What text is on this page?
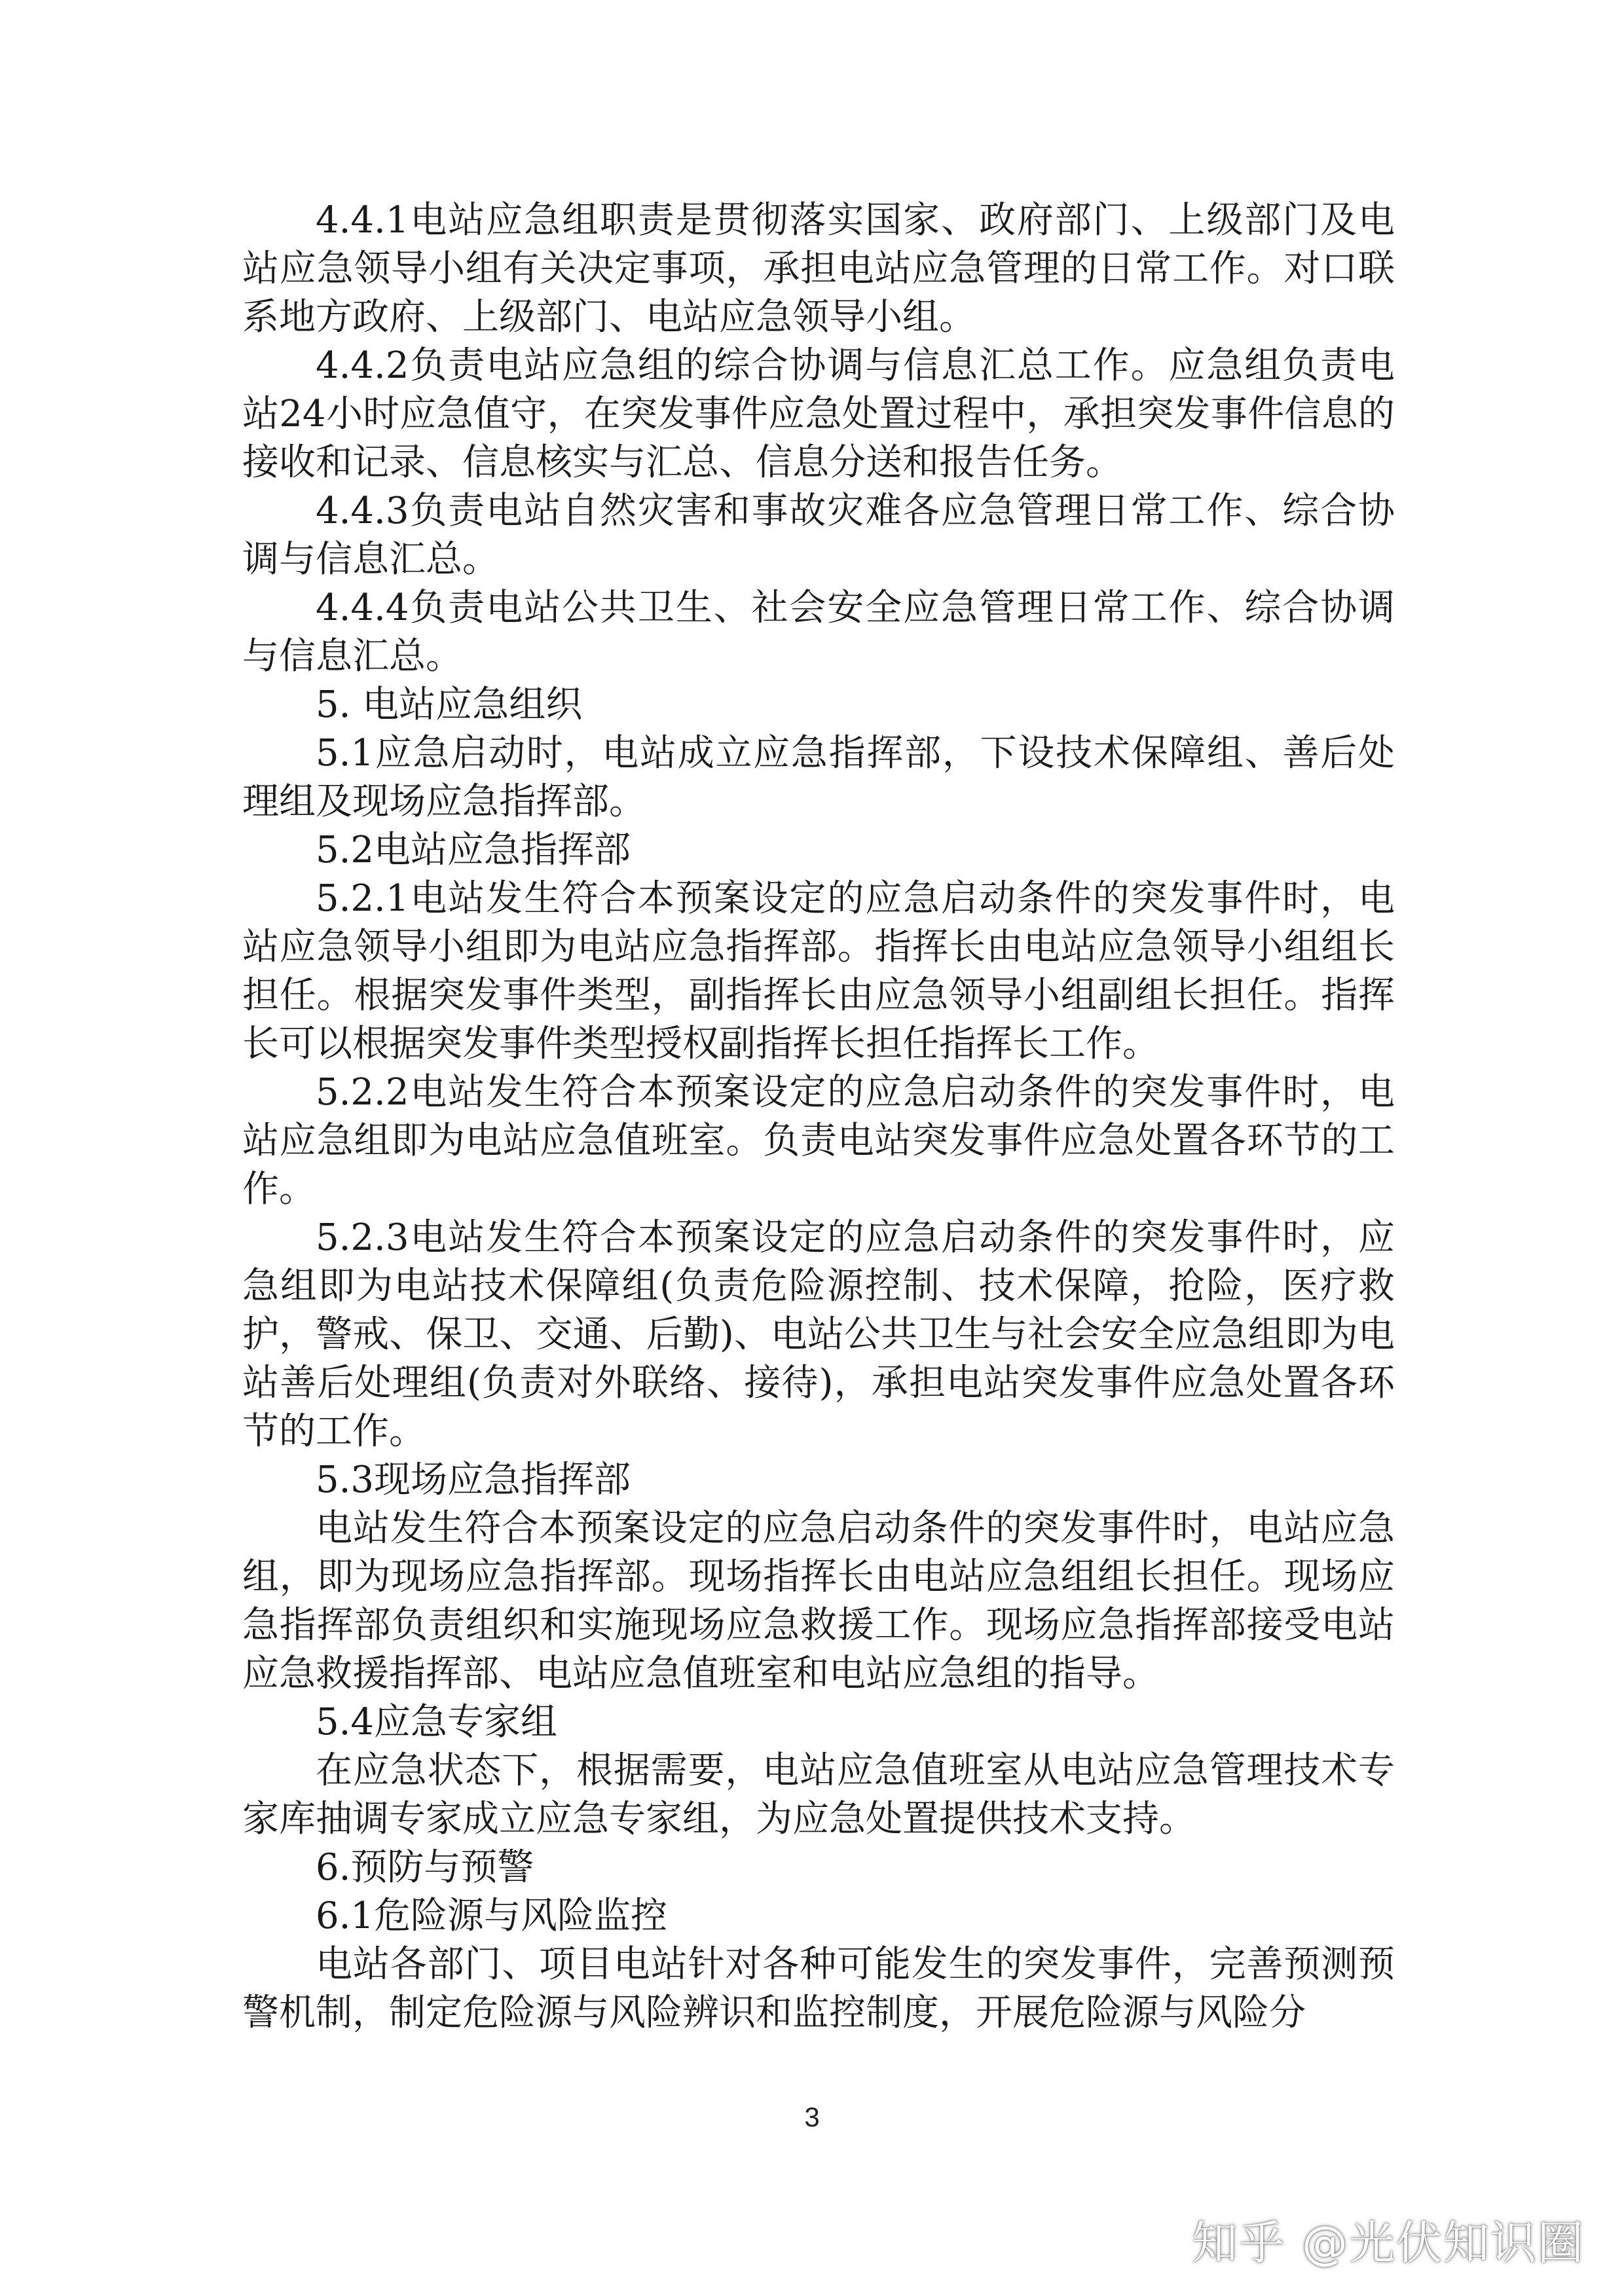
4.4.1电站应急组职责是贯彻落实国家、政府部门、上级部门及电站应急领导小组有关决定事项，承担电站应急管理的日常工作。对口联系地方政府、上级部门、电站应急领导小组。

4.4.2负责电站应急组的综合协调与信息汇总工作。应急组负责电站24小时应急值守，在突发事件应急处置过程中，承担突发事件信息的接收和记录、信息核实与汇总、信息分送和报告任务。

4.4.3负责电站自然灾害和事故灾难各应急管理日常工作、综合协调与信息汇总。

4.4.4负责电站公共卫生、社会安全应急管理日常工作、综合协调与信息汇总。

5. 电站应急组织

5.1应急启动时，电站成立应急指挥部，下设技术保障组、善后处理组及现场应急指挥部。

5.2电站应急指挥部

5.2.1电站发生符合本预案设定的应急启动条件的突发事件时，电站应急领导小组即为电站应急指挥部。指挥长由电站应急领导小组组长担任。根据突发事件类型，副指挥长由应急领导小组副组长担任。指挥长可以根据突发事件类型授权副指挥长担任指挥长工作。

5.2.2电站发生符合本预案设定的应急启动条件的突发事件时，电站应急组即为电站应急值班室。负责电站突发事件应急处置各环节的工作。

5.2.3电站发生符合本预案设定的应急启动条件的突发事件时，应急组即为电站技术保障组(负责危险源控制、技术保障，抢险，医疗救护，警戒、保卫、交通、后勤)、电站公共卫生与社会安全应急组即为电站善后处理组(负责对外联络、接待)，承担电站突发事件应急处置各环节的工作。

5.3现场应急指挥部

电站发生符合本预案设定的应急启动条件的突发事件时，电站应急组，即为现场应急指挥部。现场指挥长由电站应急组组长担任。现场应急指挥部负责组织和实施现场应急救援工作。现场应急指挥部接受电站应急救援指挥部、电站应急值班室和电站应急组的指导。

5.4应急专家组

在应急状态下，根据需要，电站应急值班室从电站应急管理技术专家库抽调专家成立应急专家组，为应急处置提供技术支持。

6.预防与预警

6.1危险源与风险监控

电站各部门、项目电站针对各种可能发生的突发事件，完善预测预警机制，制定危险源与风险辨识和监控制度，开展危险源与风险分

3
知乎 @光伏知识圈
